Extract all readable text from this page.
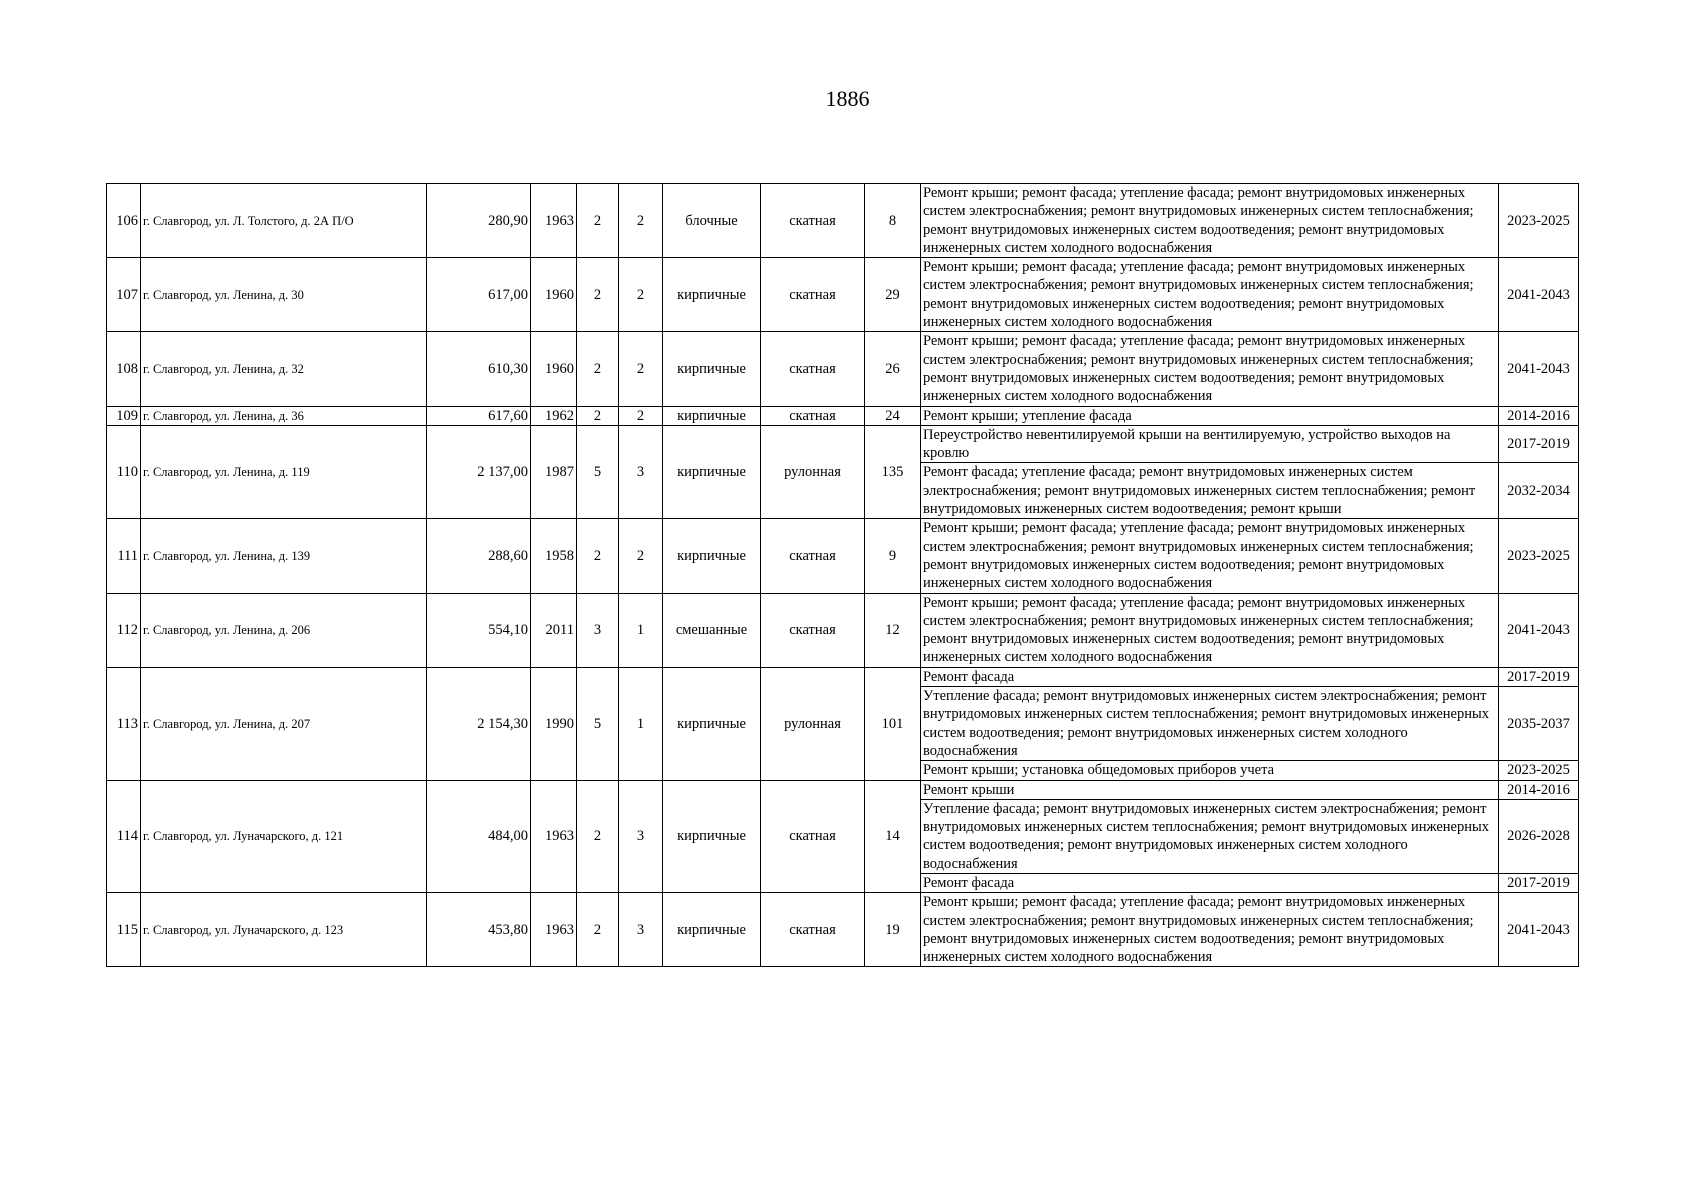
1886
106	г. Славгород, ул. Л. Толстого, д. 2А П/О	280,90	1963	2	2	блочные	скатная	8	Ремонт крыши; ремонт фасада; утепление фасада; ремонт внутридомовых инженерных систем электроснабжения; ремонт внутридомовых инженерных систем теплоснабжения; ремонт внутридомовых инженерных систем водоотведения; ремонт внутридомовых инженерных систем холодного водоснабжения	2023-2025
107	г. Славгород, ул. Ленина, д. 30	617,00	1960	2	2	кирпичные	скатная	29	Ремонт крыши; ремонт фасада; утепление фасада; ремонт внутридомовых инженерных систем электроснабжения; ремонт внутридомовых инженерных систем теплоснабжения; ремонт внутридомовых инженерных систем водоотведения; ремонт внутридомовых инженерных систем холодного водоснабжения	2041-2043
108	г. Славгород, ул. Ленина, д. 32	610,30	1960	2	2	кирпичные	скатная	26	Ремонт крыши; ремонт фасада; утепление фасада; ремонт внутридомовых инженерных систем электроснабжения; ремонт внутридомовых инженерных систем теплоснабжения; ремонт внутридомовых инженерных систем водоотведения; ремонт внутридомовых инженерных систем холодного водоснабжения	2041-2043
109	г. Славгород, ул. Ленина, д. 36	617,60	1962	2	2	кирпичные	скатная	24	Ремонт крыши; утепление фасада	2014-2016
110	г. Славгород, ул. Ленина, д. 119	2 137,00	1987	5	3	кирпичные	рулонная	135	Переустройство невентилируемой крыши на вентилируемую, устройство выходов на кровлю	2017-2019
									Ремонт фасада; утепление фасада; ремонт внутридомовых инженерных систем электроснабжения; ремонт внутридомовых инженерных систем теплоснабжения; ремонт внутридомовых инженерных систем водоотведения; ремонт крыши	2032-2034
111	г. Славгород, ул. Ленина, д. 139	288,60	1958	2	2	кирпичные	скатная	9	Ремонт крыши; ремонт фасада; утепление фасада; ремонт внутридомовых инженерных систем электроснабжения; ремонт внутридомовых инженерных систем теплоснабжения; ремонт внутридомовых инженерных систем водоотведения; ремонт внутридомовых инженерных систем холодного водоснабжения	2023-2025
112	г. Славгород, ул. Ленина, д. 206	554,10	2011	3	1	смешанные	скатная	12	Ремонт крыши; ремонт фасада; утепление фасада; ремонт внутридомовых инженерных систем электроснабжения; ремонт внутридомовых инженерных систем теплоснабжения; ремонт внутридомовых инженерных систем водоотведения; ремонт внутридомовых инженерных систем холодного водоснабжения	2041-2043
113	г. Славгород, ул. Ленина, д. 207	2 154,30	1990	5	1	кирпичные	рулонная	101	Ремонт фасада	2017-2019
									Утепление фасада; ремонт внутридомовых инженерных систем электроснабжения; ремонт внутридомовых инженерных систем теплоснабжения; ремонт внутридомовых инженерных систем водоотведения; ремонт внутридомовых инженерных систем холодного водоснабжения	2035-2037
									Ремонт крыши; установка общедомовых приборов учета	2023-2025
114	г. Славгород, ул. Луначарского, д. 121	484,00	1963	2	3	кирпичные	скатная	14	Ремонт крыши	2014-2016
									Утепление фасада; ремонт внутридомовых инженерных систем электроснабжения; ремонт внутридомовых инженерных систем теплоснабжения; ремонт внутридомовых инженерных систем водоотведения; ремонт внутридомовых инженерных систем холодного водоснабжения	2026-2028
									Ремонт фасада	2017-2019
115	г. Славгород, ул. Луначарского, д. 123	453,80	1963	2	3	кирпичные	скатная	19	Ремонт крыши; ремонт фасада; утепление фасада; ремонт внутридомовых инженерных систем электроснабжения; ремонт внутридомовых инженерных систем теплоснабжения; ремонт внутридомовых инженерных систем водоотведения; ремонт внутридомовых инженерных систем холодного водоснабжения	2041-2043
